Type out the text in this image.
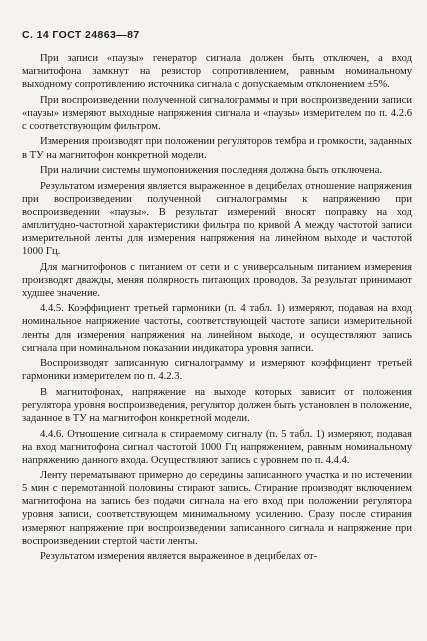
С. 14 ГОСТ 24863—87

При записи «паузы» генератор сигнала должен быть отключен, а вход магнитофона замкнут на резистор сопротивлением, равным номинальному выходному сопротивлению источника сигнала с допускаемым отклонением ±5%.

При воспроизведении полученной сигналограммы и при воспроизведении записи «паузы» измеряют выходные напряжения сигнала и «паузы» измерителем по п. 4.2.6 с соответствующим фильтром.

Измерения производят при положении регуляторов тембра и громкости, заданных в ТУ на магнитофон конкретной модели.

При наличии системы шумопонижения последняя должна быть отключена.

Результатом измерения является выраженное в децибелах отношение напряжения при воспроизведении полученной сигналограммы к напряжению при воспроизведении «паузы». В результат измерений вносят поправку на ход амплитудно-частотной характеристики фильтра по кривой А между частотой записи измерительной ленты для измерения напряжения на линейном выходе и частотой 1000 Гц.

Для магнитофонов с питанием от сети и с универсальным питанием измерения производят дважды, меняя полярность питающих проводов. За результат принимают худшее значение.

4.4.5. Коэффициент третьей гармоники (п. 4 табл. 1) измеряют, подавая на вход номинальное напряжение частоты, соответствующей частоте записи измерительной ленты для измерения напряжения на линейном выходе, и осуществляют запись сигнала при номинальном показании индикатора уровня записи.

Воспроизводят записанную сигналограмму и измеряют коэффициент третьей гармоники измерителем по п. 4.2.3.

В магнитофонах, напряжение на выходе которых зависит от положения регулятора уровня воспроизведения, регулятор должен быть установлен в положение, заданное в ТУ на магнитофон конкретной модели.

4.4.6. Отношение сигнала к стираемому сигналу (п. 5 табл. 1) измеряют, подавая на вход магнитофона сигнал частотой 1000 Гц напряжением, равным номинальному напряжению данного входа. Осуществляют запись с уровнем по п. 4.4.4.

Ленту перематывают примерно до середины записанного участка и по истечении 5 мин с перемотанной половины стирают запись. Стирание производят включением магнитофона на запись без подачи сигнала на его вход при положении регулятора уровня записи, соответствующем минимальному усилению. Сразу после стирания измеряют напряжение при воспроизведении записанного сигнала и напряжение при воспроизведении стертой части ленты.

Результатом измерения является выраженное в децибелах от-
